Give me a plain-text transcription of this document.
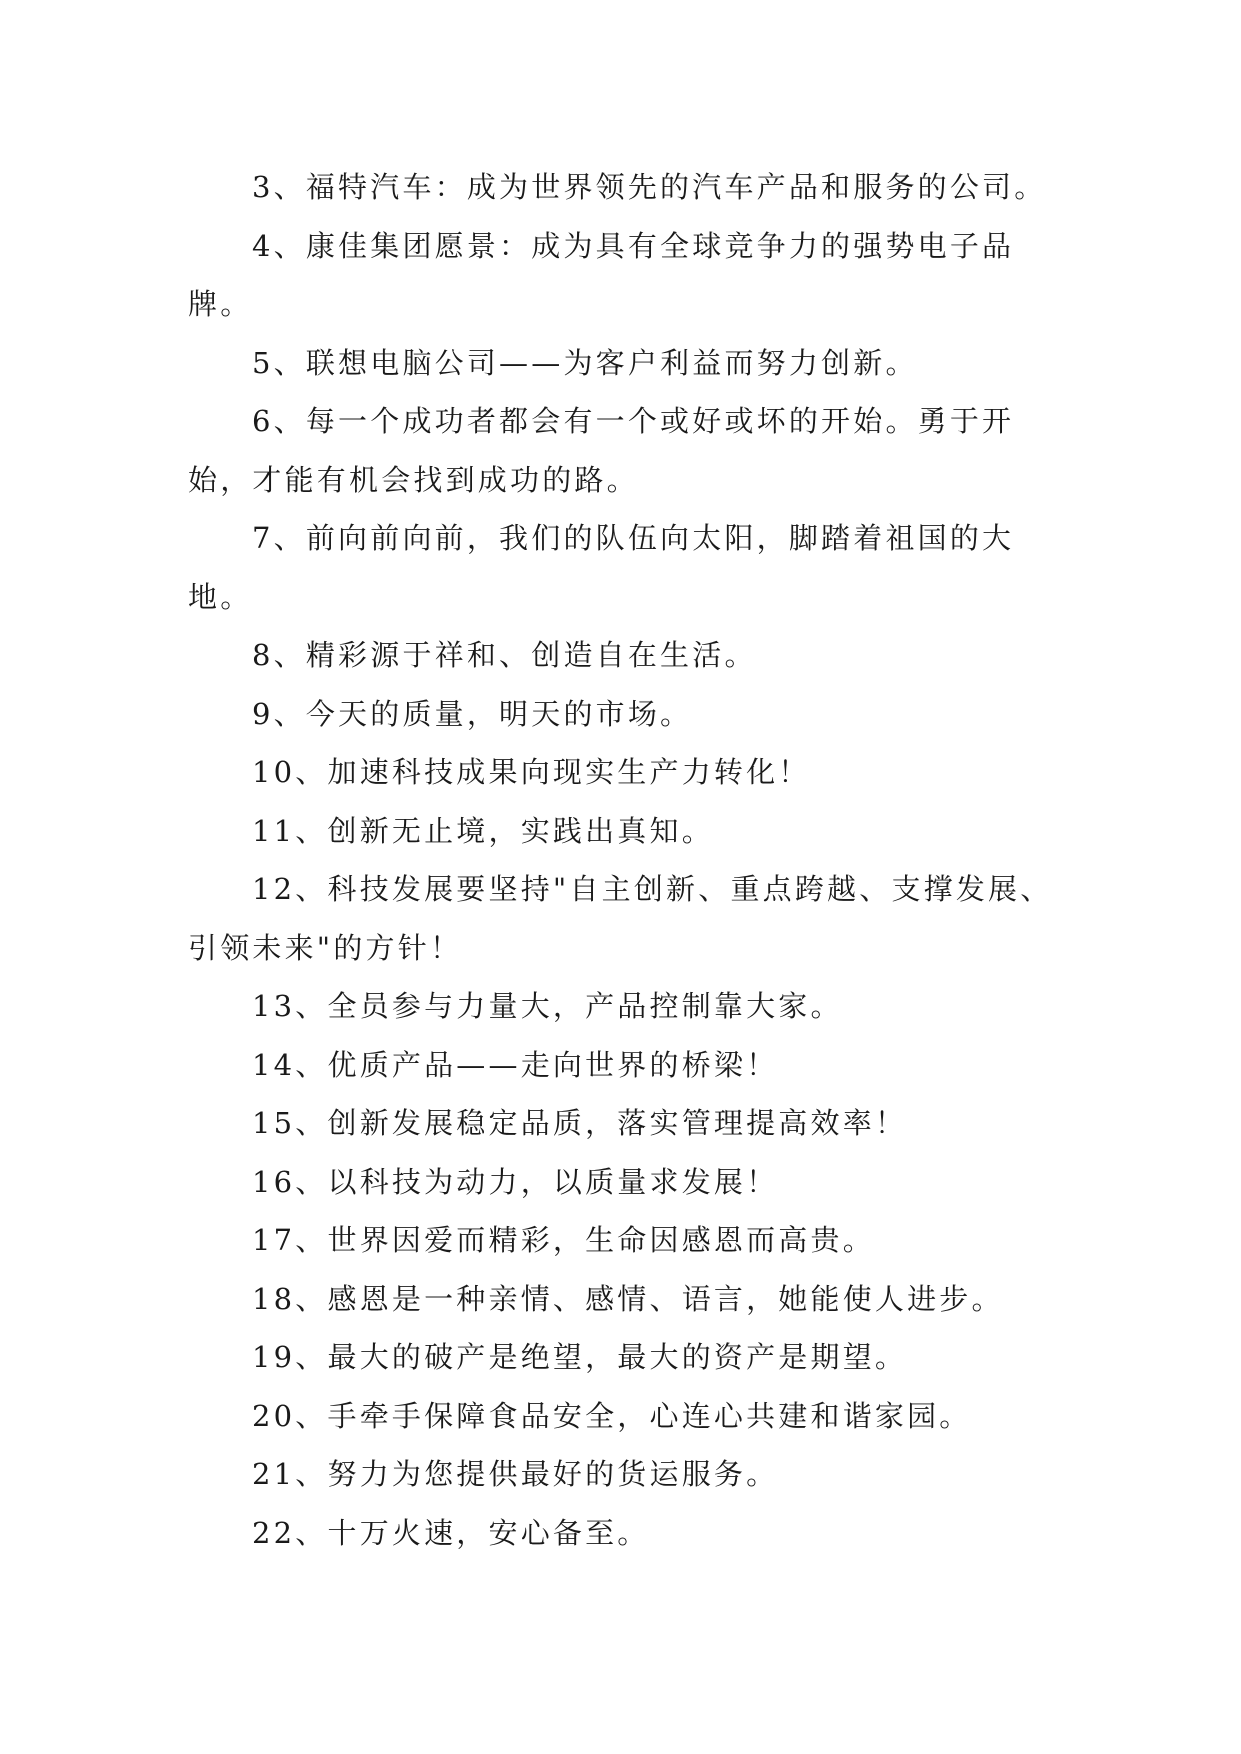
3、福特汽车：成为世界领先的汽车产品和服务的公司。

4、康佳集团愿景：成为具有全球竞争力的强势电子品牌。

5、联想电脑公司——为客户利益而努力创新。

6、每一个成功者都会有一个或好或坏的开始。勇于开始，才能有机会找到成功的路。

7、前向前向前，我们的队伍向太阳，脚踏着祖国的大地。

8、精彩源于祥和、创造自在生活。

9、今天的质量，明天的市场。

10、加速科技成果向现实生产力转化！

11、创新无止境，实践出真知。

12、科技发展要坚持"自主创新、重点跨越、支撑发展、引领未来"的方针！

13、全员参与力量大，产品控制靠大家。

14、优质产品——走向世界的桥梁！

15、创新发展稳定品质，落实管理提高效率！

16、以科技为动力，以质量求发展！

17、世界因爱而精彩，生命因感恩而高贵。

18、感恩是一种亲情、感情、语言，她能使人进步。

19、最大的破产是绝望，最大的资产是期望。

20、手牵手保障食品安全，心连心共建和谐家园。

21、努力为您提供最好的货运服务。

22、十万火速，安心备至。
